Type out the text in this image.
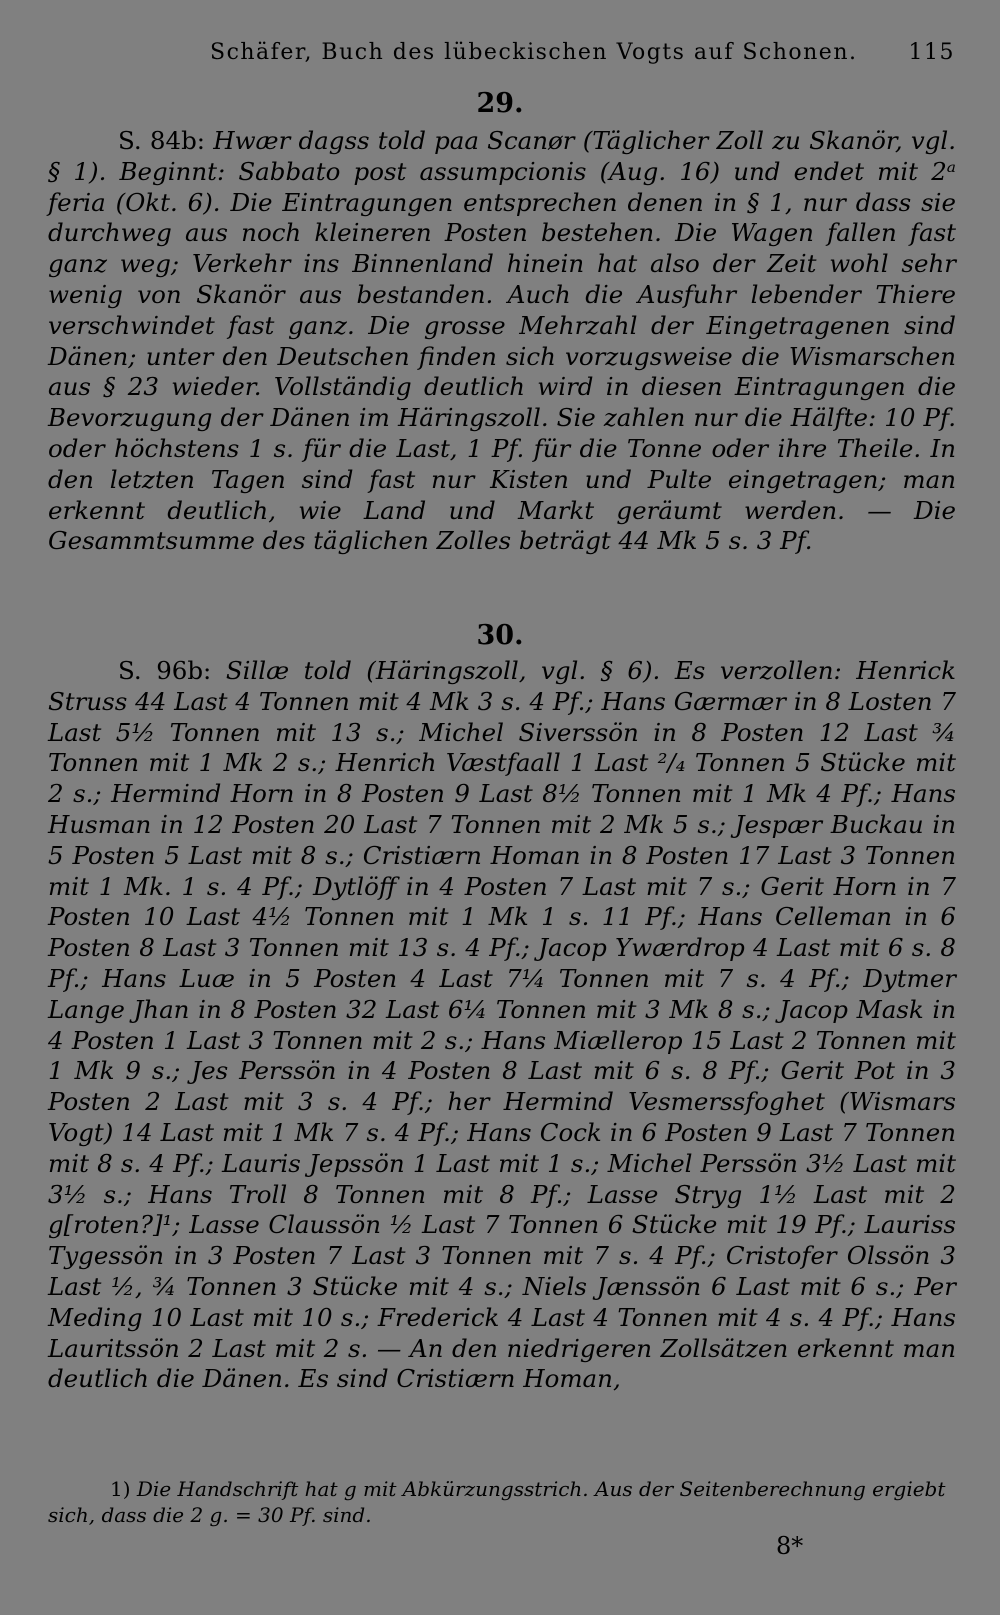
Schäfer, Buch des lübeckischen Vogts auf Schonen. 115
29.
S. 84b: Hwær dagss told paa Scanør (Täglicher Zoll zu Skanör, vgl. § 1). Beginnt: Sabbato post assumpcionis (Aug. 16) und endet mit 2ᵃ feria (Okt. 6). Die Eintragungen entsprechen denen in § 1, nur dass sie durchweg aus noch kleineren Posten bestehen. Die Wagen fallen fast ganz weg; Verkehr ins Binnenland hinein hat also der Zeit wohl sehr wenig von Skanör aus bestanden. Auch die Ausfuhr lebender Thiere verschwindet fast ganz. Die grosse Mehrzahl der Eingetragenen sind Dänen; unter den Deutschen finden sich vorzugsweise die Wismarschen aus § 23 wieder. Vollständig deutlich wird in diesen Eintragungen die Bevorzugung der Dänen im Häringszoll. Sie zahlen nur die Hälfte: 10 Pf. oder höchstens 1 s. für die Last, 1 Pf. für die Tonne oder ihre Theile. In den letzten Tagen sind fast nur Kisten und Pulte eingetragen; man erkennt deutlich, wie Land und Markt geräumt werden. — Die Gesammtsumme des täglichen Zolles beträgt 44 Mk 5 s. 3 Pf.
30.
S. 96b: Sillæ told (Häringszoll, vgl. § 6). Es verzollen: Henrick Struss 44 Last 4 Tonnen mit 4 Mk 3 s. 4 Pf.; Hans Gærmær in 8 Losten 7 Last 5½ Tonnen mit 13 s.; Michel Siverssön in 8 Posten 12 Last ¾ Tonnen mit 1 Mk 2 s.; Henrich Væstfaall 1 Last ²/₄ Tonnen 5 Stücke mit 2 s.; Hermind Horn in 8 Posten 9 Last 8½ Tonnen mit 1 Mk 4 Pf.; Hans Husman in 12 Posten 20 Last 7 Tonnen mit 2 Mk 5 s.; Jespær Buckau in 5 Posten 5 Last mit 8 s.; Cristiærn Homan in 8 Posten 17 Last 3 Tonnen mit 1 Mk. 1 s. 4 Pf.; Dytlöff in 4 Posten 7 Last mit 7 s.; Gerit Horn in 7 Posten 10 Last 4½ Tonnen mit 1 Mk 1 s. 11 Pf.; Hans Celleman in 6 Posten 8 Last 3 Tonnen mit 13 s. 4 Pf.; Jacop Ywærdrop 4 Last mit 6 s. 8 Pf.; Hans Luæ in 5 Posten 4 Last 7¼ Tonnen mit 7 s. 4 Pf.; Dytmer Lange Jhan in 8 Posten 32 Last 6¼ Tonnen mit 3 Mk 8 s.; Jacop Mask in 4 Posten 1 Last 3 Tonnen mit 2 s.; Hans Miællerop 15 Last 2 Tonnen mit 1 Mk 9 s.; Jes Perssön in 4 Posten 8 Last mit 6 s. 8 Pf.; Gerit Pot in 3 Posten 2 Last mit 3 s. 4 Pf.; her Hermind Vesmerssfoghet (Wismars Vogt) 14 Last mit 1 Mk 7 s. 4 Pf.; Hans Cock in 6 Posten 9 Last 7 Tonnen mit 8 s. 4 Pf.; Lauris Jepssön 1 Last mit 1 s.; Michel Perssön 3½ Last mit 3½ s.; Hans Troll 8 Tonnen mit 8 Pf.; Lasse Stryg 1½ Last mit 2 g[roten?]¹; Lasse Claussön ½ Last 7 Tonnen 6 Stücke mit 19 Pf.; Lauriss Tygessön in 3 Posten 7 Last 3 Tonnen mit 7 s. 4 Pf.; Cristofer Olssön 3 Last ½, ¾ Tonnen 3 Stücke mit 4 s.; Niels Jænssön 6 Last mit 6 s.; Per Meding 10 Last mit 10 s.; Frederick 4 Last 4 Tonnen mit 4 s. 4 Pf.; Hans Lauritssön 2 Last mit 2 s. — An den niedrigeren Zollsätzen erkennt man deutlich die Dänen. Es sind Cristiærn Homan,
1) Die Handschrift hat g mit Abkürzungsstrich. Aus der Seitenberechnung ergiebt sich, dass die 2 g. = 30 Pf. sind.
8*
